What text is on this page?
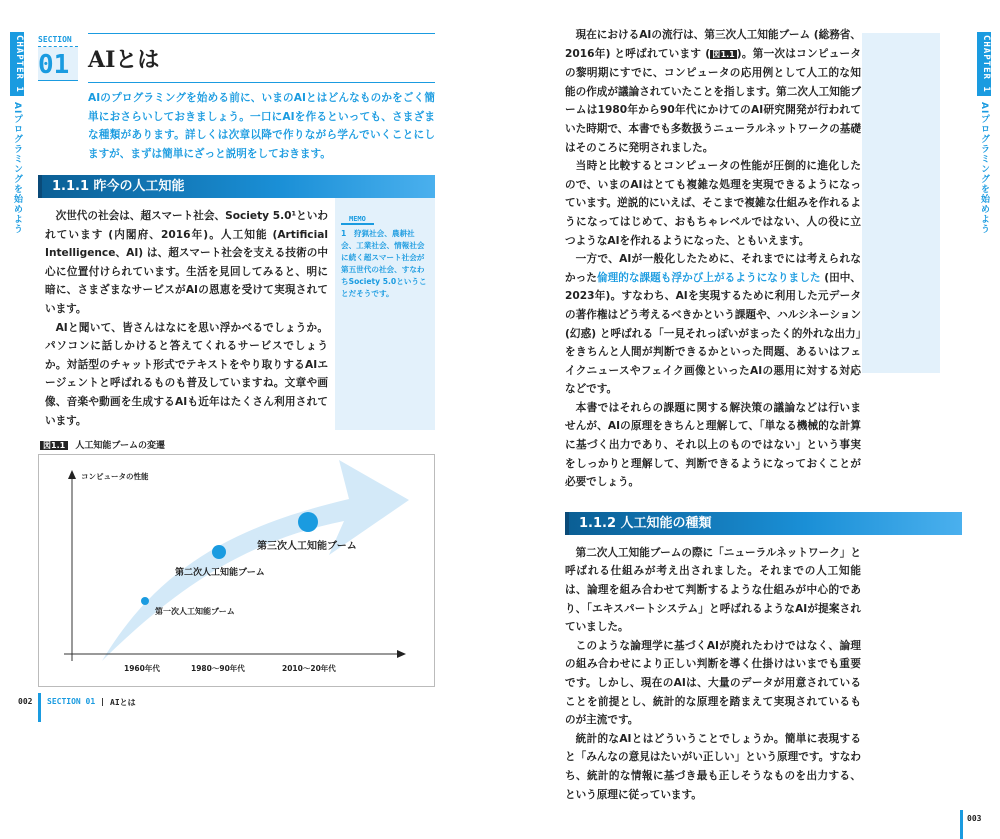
CHAPTER 1
AIプログラミングを始めよう
CHAPTER 1
AIプログラミングを始めよう
SECTION
01 AIとは
AIのプログラミングを始める前に、いまのAIとはどんなものかをごく簡単におさらいしておきましょう。一口にAIを作るといっても、さまざまな種類があります。詳しくは次章以降で作りながら学んでいくことにしますが、まずは簡単にざっと説明をしておきます。
1.1.1 昨今の人工知能

次世代の社会は、超スマート社会、Society 5.0¹といわれています (内閣府、2016年)。人工知能 (Artificial Intelligence、AI) は、超スマート社会を支える技術の中心に位置付けられています。生活を見回してみると、明に暗に、さまざまなサービスがAIの恩恵を受けて実現されています。

AIと聞いて、皆さんはなにを思い浮かべるでしょうか。パソコンに話しかけると答えてくれるサービスでしょうか。対話型のチャット形式でテキストをやり取りするAIエージェントと呼ばれるものも普及していますね。文章や画像、音楽や動画を生成するAIも近年はたくさん利用されています。

MEMO
1　狩猟社会、農耕社会、工業社会、情報社会に続く超スマート社会が第五世代の社会、すなわちSociety 5.0ということだそうです。
図1.1 人工知能ブームの変遷
コンピュータの性能
第一次人工知能ブーム
第二次人工知能ブーム
第三次人工知能ブーム
1960年代	1980〜90年代	2010〜20年代
002	SECTION 01 | AIとは

現在におけるAIの流行は、第三次人工知能ブーム (総務省、2016年) と呼ばれています ( 図1.1 )。第一次はコンピュータの黎明期にすでに、コンピュータの応用例として人工的な知能の作成が議論されていたことを指します。第二次人工知能ブームは1980年から90年代にかけてのAI研究開発が行われていた時期で、本書でも多数扱うニューラルネットワークの基礎はそのころに発明されました。

当時と比較するとコンピュータの性能が圧倒的に進化したので、いまのAIはとても複雑な処理を実現できるようになっています。逆説的にいえば、そこまで複雑な仕組みを作れるようになってはじめて、おもちゃレベルではない、人の役に立つようなAIを作れるようになった、ともいえます。

一方で、AIが一般化したために、それまでには考えられなかった倫理的な課題も浮かび上がるようになりました (田中、2023年)。すなわち、AIを実現するために利用した元データの著作権はどう考えるべきかという課題や、ハルシネーション (幻惑) と呼ばれる「一見それっぽいがまったく的外れな出力」をきちんと人間が判断できるかといった問題、あるいはフェイクニュースやフェイク画像といったAIの悪用に対する対応などです。

本書ではそれらの課題に関する解決策の議論などは行いませんが、AIの原理をきちんと理解して、「単なる機械的な計算に基づく出力であり、それ以上のものではない」という事実をしっかりと理解して、判断できるようになっておくことが必要でしょう。

1.1.2 人工知能の種類

第二次人工知能ブームの際に「ニューラルネットワーク」と呼ばれる仕組みが考え出されました。それまでの人工知能は、論理を組み合わせて判断するような仕組みが中心的であり、「エキスパートシステム」と呼ばれるようなAIが提案されていました。

このような論理学に基づくAIが廃れたわけではなく、論理の組み合わせにより正しい判断を導く仕掛けはいまでも重要です。しかし、現在のAIは、大量のデータが用意されていることを前提とし、統計的な原理を踏まえて実現されているものが主流です。

統計的なAIとはどういうことでしょうか。簡単に表現すると「みんなの意見はたいがい正しい」という原理です。すなわち、統計的な情報に基づき最も正しそうなものを出力する、という原理に従っています。

003
